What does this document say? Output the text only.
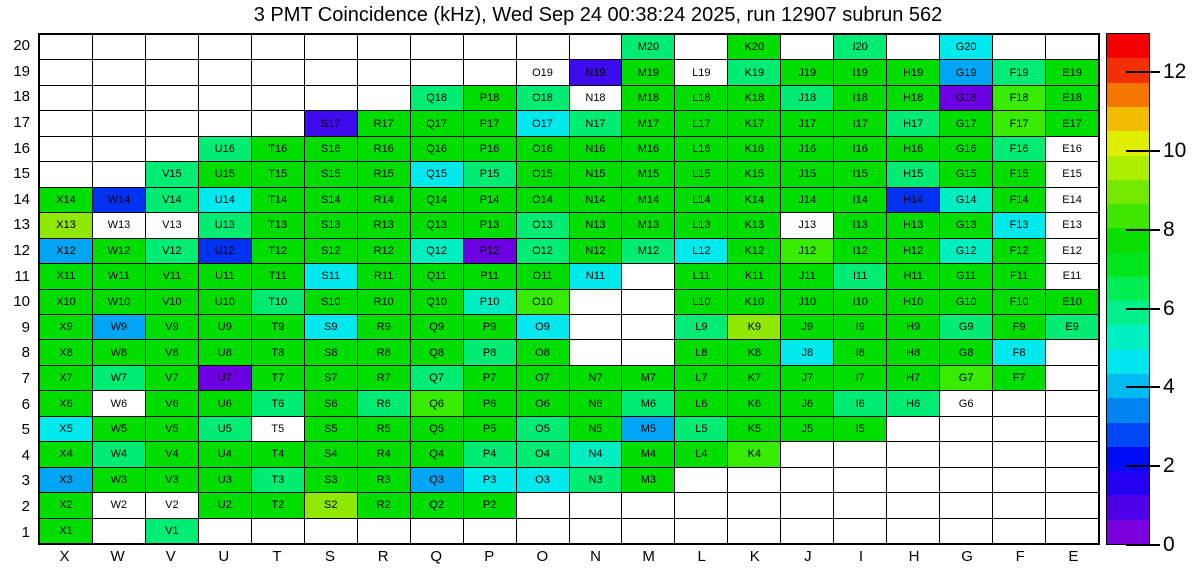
3 PMT Coincidence (kHz), Wed Sep 24 00:38:24 2025, run 12907 subrun 562
20
19
18
17
16
15
14
13
12
11
10
9
8
7
6
5
4
3
2
1
M20	K20	I20	G20
O19	N19	M19	L19	K19	J19	I19	H19	G19	F19	E19
Q18	P18	O18	N18	M18	L18	K18	J18	I18	H18	G18	F18	E18
S17	R17	Q17	P17	O17	N17	M17	L17	K17	J17	I17	H17	G17	F17	E17
U16	T16	S16	R16	Q16	P16	O16	N16	M16	L16	K16	J16	I16	H16	G16	F16	E16
V15	U15	T15	S15	R15	Q15	P15	O15	N15	M15	L15	K15	J15	I15	H15	G15	F15	E15
X14	W14	V14	U14	T14	S14	R14	Q14	P14	O14	N14	M14	L14	K14	J14	I14	H14	G14	F14	E14
X13	W13	V13	U13	T13	S13	R13	Q13	P13	O13	N13	M13	L13	K13	J13	I13	H13	G13	F13	E13
X12	W12	V12	U12	T12	S12	R12	Q12	P12	O12	N12	M12	L12	K12	J12	I12	H12	G12	F12	E12
X11	W11	V11	U11	T11	S11	R11	Q11	P11	O11	N11	L11	K11	J11	I11	H11	G11	F11	E11
X10	W10	V10	U10	T10	S10	R10	Q10	P10	O10	L10	K10	J10	I10	H10	G10	F10	E10
X9	W9	V9	U9	T9	S9	R9	Q9	P9	O9	L9	K9	J9	I9	H9	G9	F9	E9
X8	W8	V8	U8	T8	S8	R8	Q8	P8	O8	L8	K8	J8	I8	H8	G8	F8
X7	W7	V7	U7	T7	S7	R7	Q7	P7	O7	N7	M7	L7	K7	J7	I7	H7	G7	F7
X6	W6	V6	U6	T6	S6	R6	Q6	P6	O6	N6	M6	L6	K6	J6	I6	H6	G6
X5	W5	V5	U5	T5	S5	R5	Q5	P5	O5	N5	M5	L5	K5	J5	I5
X4	W4	V4	U4	T4	S4	R4	Q4	P4	O4	N4	M4	L4	K4
X3	W3	V3	U3	T3	S3	R3	Q3	P3	O3	N3	M3
X2	W2	V2	U2	T2	S2	R2	Q2	P2
X1	V1
X	W	V	U	T	S	R	Q	P	O	N	M	L	K	J	I	H	G	F	E
0
2
4
6
8
10
12
